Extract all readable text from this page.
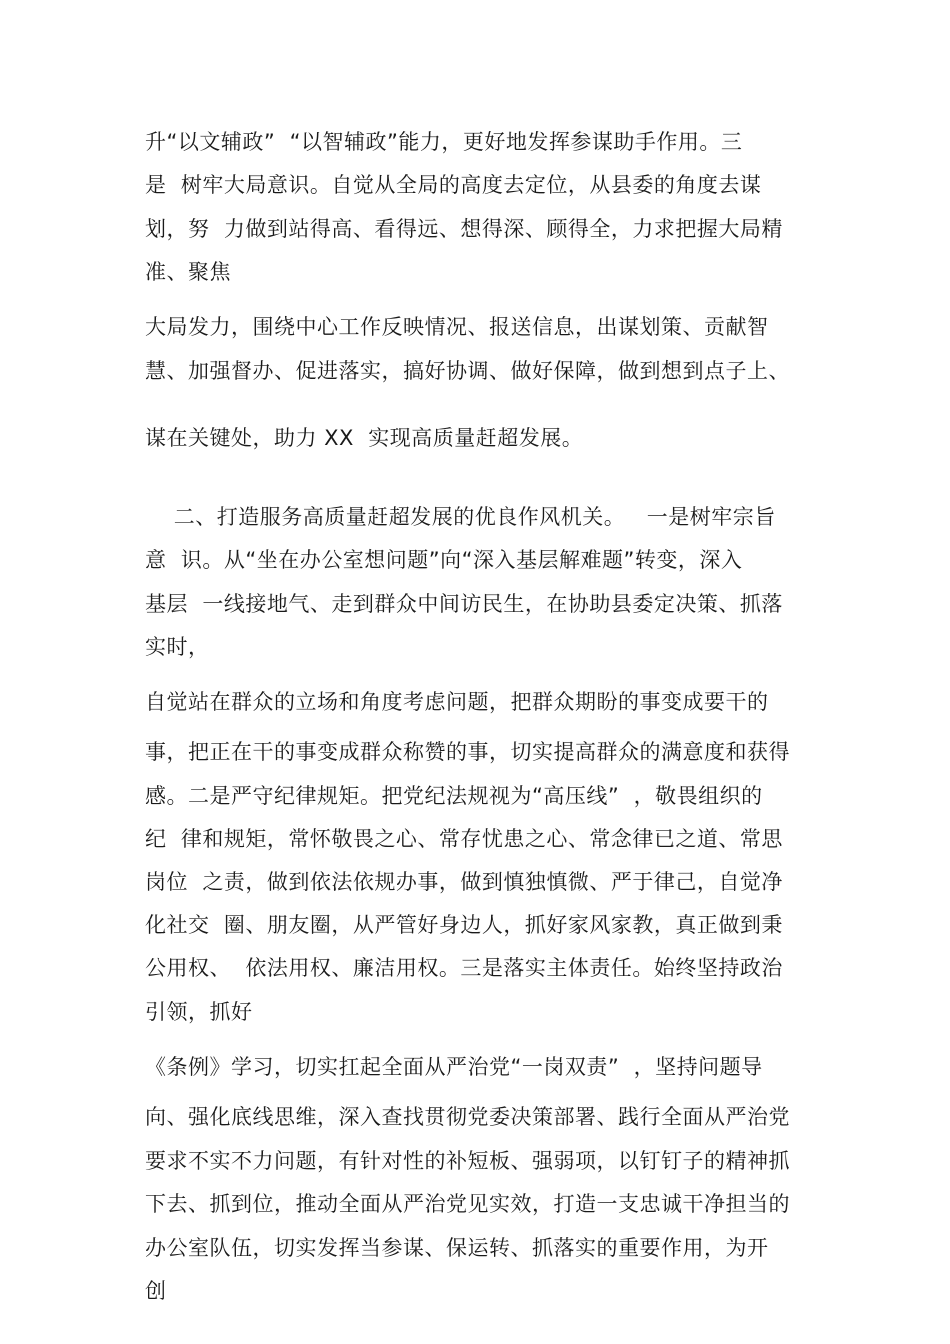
升“以文辅政”  “以智辅政”能力，更好地发挥参谋助手作用。三
是  树牢大局意识。自觉从全局的高度去定位，从县委的角度去谋
划，努  力做到站得高、看得远、想得深、顾得全，力求把握大局精
准、聚焦
大局发力，围绕中心工作反映情况、报送信息，出谋划策、贡献智
慧、加强督办、促进落实，搞好协调、做好保障，做到想到点子上、
谋在关键处，助力 XX  实现高质量赶超发展。
二、打造服务高质量赶超发展的优良作风机关。   一是树牢宗旨
意  识。从“坐在办公室想问题”向“深入基层解难题”转变，深入
基层  一线接地气、走到群众中间访民生，在协助县委定决策、抓落
实时，
自觉站在群众的立场和角度考虑问题，把群众期盼的事变成要干的
事，把正在干的事变成群众称赞的事，切实提高群众的满意度和获得
感。二是严守纪律规矩。把党纪法规视为“高压线”  ，敬畏组织的
纪  律和规矩，常怀敬畏之心、常存忧患之心、常念律已之道、常思
岗位  之责，做到依法依规办事，做到慎独慎微、严于律己，自觉净
化社交  圈、朋友圈，从严管好身边人，抓好家风家教，真正做到秉
公用权、  依法用权、廉洁用权。三是落实主体责任。始终坚持政治
引领，抓好
《条例》学习，切实扛起全面从严治党“一岗双责”  ，坚持问题导
向、强化底线思维，深入查找贯彻党委决策部署、践行全面从严治党
要求不实不力问题，有针对性的补短板、强弱项，以钉钉子的精神抓
下去、抓到位，推动全面从严治党见实效，打造一支忠诚干净担当的
办公室队伍，切实发挥当参谋、保运转、抓落实的重要作用，为开
创
